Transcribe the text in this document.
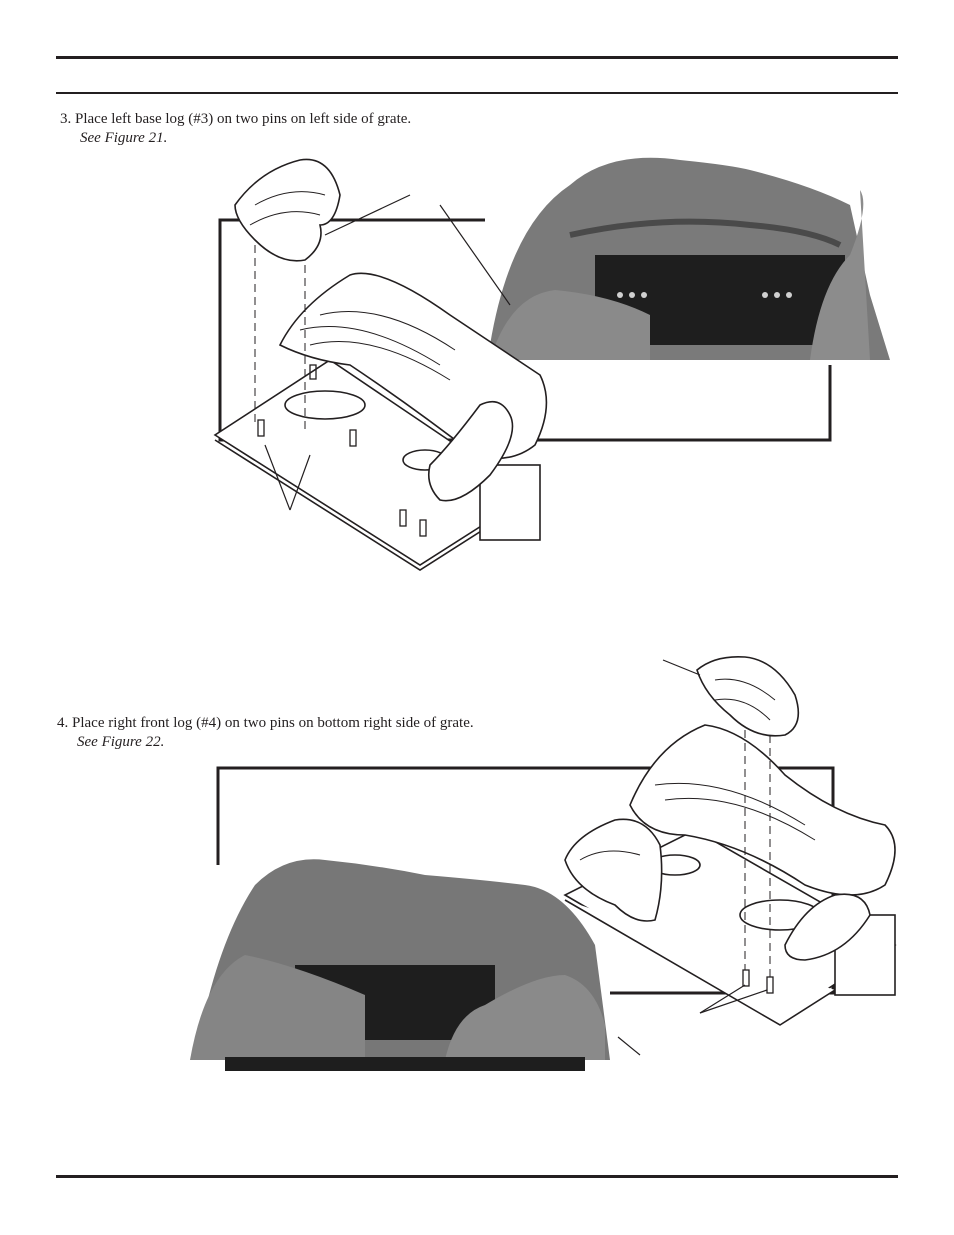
3. Place left base log (#3) on two pins on left side of grate.
See Figure 21.
4. Place right front log (#4) on two pins on bottom right side of grate.
See Figure 22.
